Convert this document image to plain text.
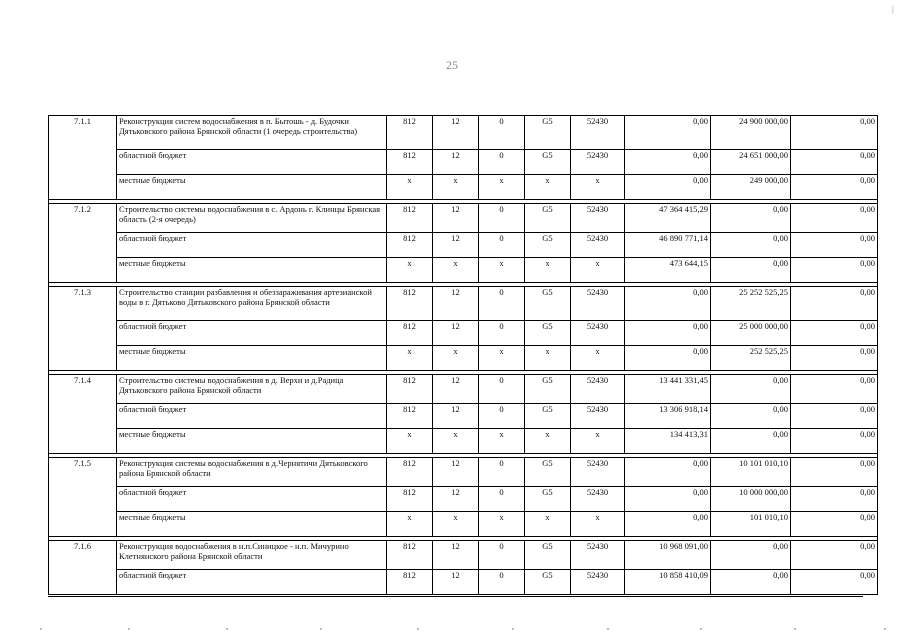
25
|
7.1.1	Реконструкция систем водоснабжения в п. Бытошь - д. Будочки Дятьковского района Брянской области (1 очередь строительства)	812	12	0	G5	52430	0,00	24 900 000,00	0,00
	областной бюджет	812	12	0	G5	52430	0,00	24 651 000,00	0,00
	местные бюджеты	х	х	х	х	х	0,00	249 000,00	0,00

7.1.2	Строительство системы водоснабжения в с. Ардонь г. Клинцы Брянская область (2-я очередь)	812	12	0	G5	52430	47 364 415,29	0,00	0,00
	областной бюджет	812	12	0	G5	52430	46 890 771,14	0,00	0,00
	местные бюджеты	х	х	х	х	х	473 644,15	0,00	0,00

7.1.3	Строительство станции разбавления и обеззараживания артезианской воды в г. Дятьково Дятьковского района Брянской области	812	12	0	G5	52430	0,00	25 252 525,25	0,00
	областной бюджет	812	12	0	G5	52430	0,00	25 000 000,00	0,00
	местные бюджеты	х	х	х	х	х	0,00	252 525,25	0,00

7.1.4	Строительство системы водоснабжения в д. Верхи и д.Радица Дятьковского района Брянской области	812	12	0	G5	52430	13 441 331,45	0,00	0,00
	областной бюджет	812	12	0	G5	52430	13 306 918,14	0,00	0,00
	местные бюджеты	х	х	х	х	х	134 413,31	0,00	0,00

7.1.5	Реконструкция системы водоснабжения в д.Чернятичи Дятьковского района Брянской области	812	12	0	G5	52430	0,00	10 101 010,10	0,00
	областной бюджет	812	12	0	G5	52430	0,00	10 000 000,00	0,00
	местные бюджеты	х	х	х	х	х	0,00	101 010,10	0,00

7.1.6	Реконструкция водоснабжения в н.п.Синицкое - н.п. Мичурино Клетнянского района Брянской области	812	12	0	G5	52430	10 968 091,00	0,00	0,00
	областной бюджет	812	12	0	G5	52430	10 858 410,09	0,00	0,00
